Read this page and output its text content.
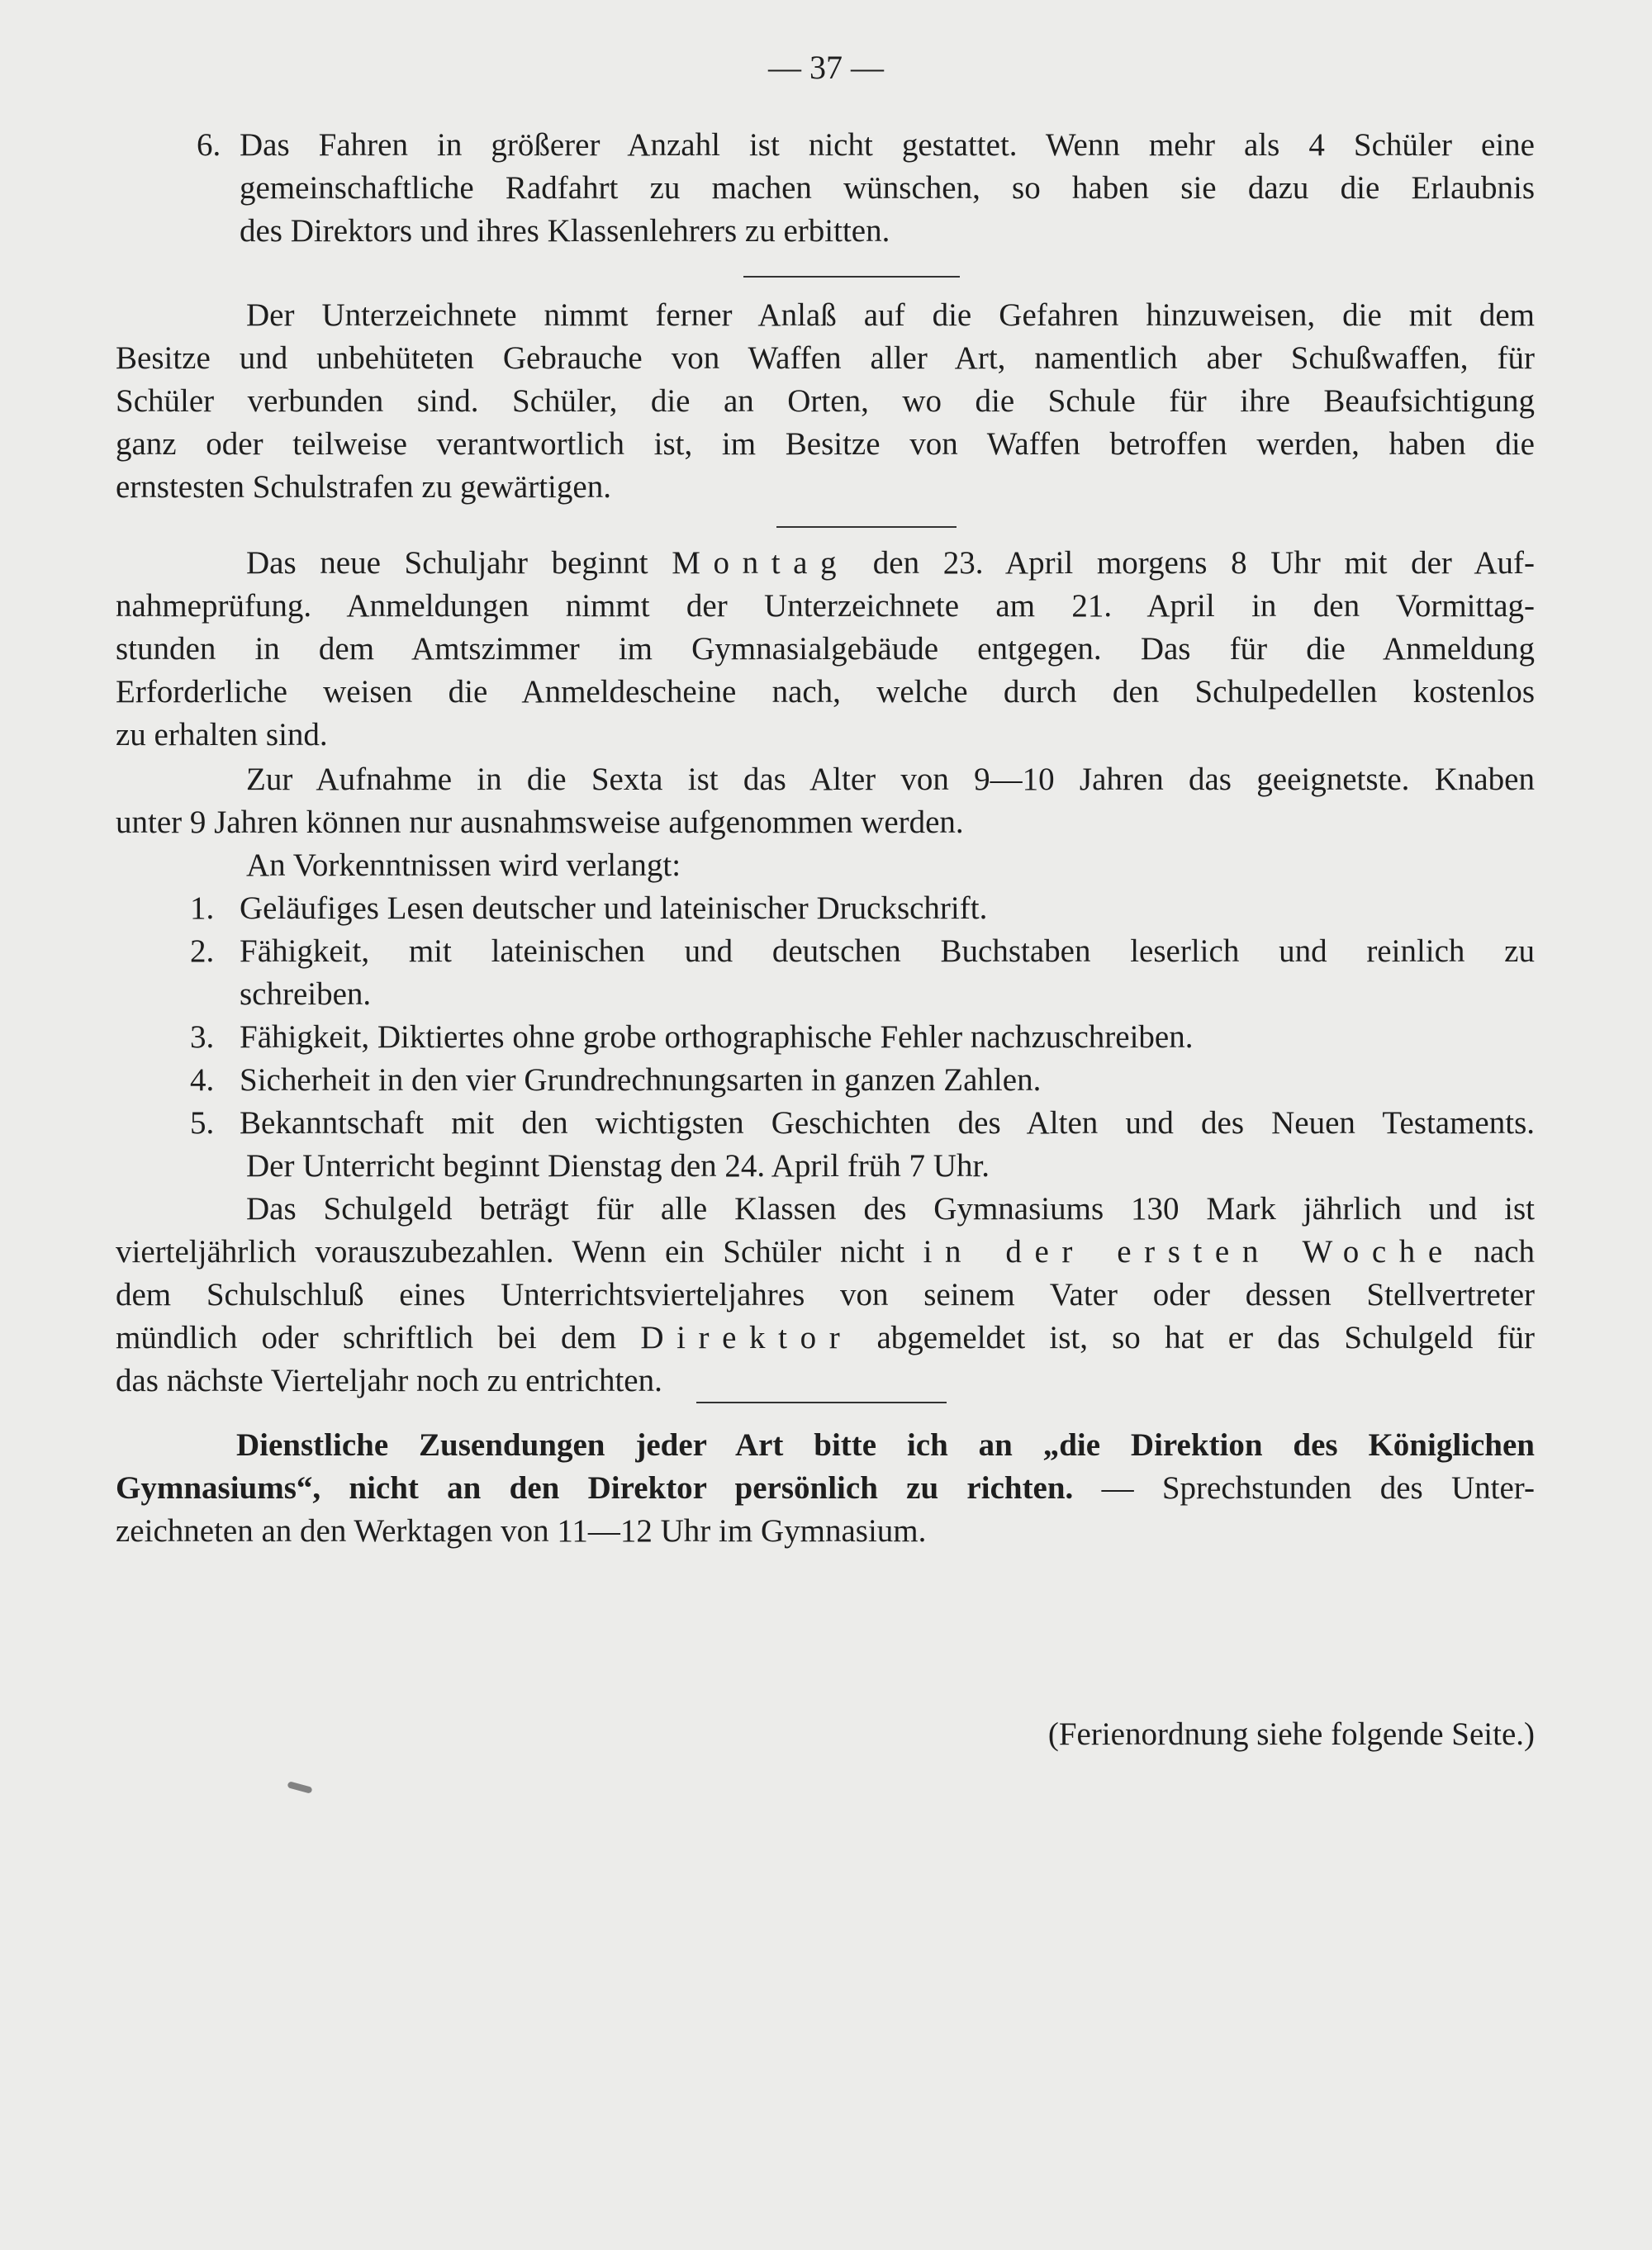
— 37 —
6. Das Fahren in größerer Anzahl ist nicht gestattet. Wenn mehr als 4 Schüler eine
gemeinschaftliche Radfahrt zu machen wünschen, so haben sie dazu die Erlaubnis
des Direktors und ihres Klassenlehrers zu erbitten.
Der Unterzeichnete nimmt ferner Anlaß auf die Gefahren hinzuweisen, die mit dem
Besitze und unbehüteten Gebrauche von Waffen aller Art, namentlich aber Schußwaffen, für
Schüler verbunden sind. Schüler, die an Orten, wo die Schule für ihre Beaufsichtigung
ganz oder teilweise verantwortlich ist, im Besitze von Waffen betroffen werden, haben die
ernstesten Schulstrafen zu gewärtigen.
Das neue Schuljahr beginnt Montag den 23. April morgens 8 Uhr mit der Auf-
nahmeprüfung. Anmeldungen nimmt der Unterzeichnete am 21. April in den Vormittag-
stunden in dem Amtszimmer im Gymnasialgebäude entgegen. Das für die Anmeldung
Erforderliche weisen die Anmeldescheine nach, welche durch den Schulpedellen kostenlos
zu erhalten sind.
Zur Aufnahme in die Sexta ist das Alter von 9—10 Jahren das geeignetste. Knaben
unter 9 Jahren können nur ausnahmsweise aufgenommen werden.
An Vorkenntnissen wird verlangt:
1. Geläufiges Lesen deutscher und lateinischer Druckschrift.
2. Fähigkeit, mit lateinischen und deutschen Buchstaben leserlich und reinlich zu
schreiben.
3. Fähigkeit, Diktiertes ohne grobe orthographische Fehler nachzuschreiben.
4. Sicherheit in den vier Grundrechnungsarten in ganzen Zahlen.
5. Bekanntschaft mit den wichtigsten Geschichten des Alten und des Neuen Testaments.
Der Unterricht beginnt Dienstag den 24. April früh 7 Uhr.
Das Schulgeld beträgt für alle Klassen des Gymnasiums 130 Mark jährlich und ist
vierteljährlich vorauszubezahlen. Wenn ein Schüler nicht in der ersten Woche nach
dem Schulschluß eines Unterrichtsvierteljahres von seinem Vater oder dessen Stellvertreter
mündlich oder schriftlich bei dem Direktor abgemeldet ist, so hat er das Schulgeld für
das nächste Vierteljahr noch zu entrichten.
Dienstliche Zusendungen jeder Art bitte ich an „die Direktion des Königlichen
Gymnasiums“, nicht an den Direktor persönlich zu richten. — Sprechstunden des Unter-
zeichneten an den Werktagen von 11—12 Uhr im Gymnasium.
(Ferienordnung siehe folgende Seite.)
